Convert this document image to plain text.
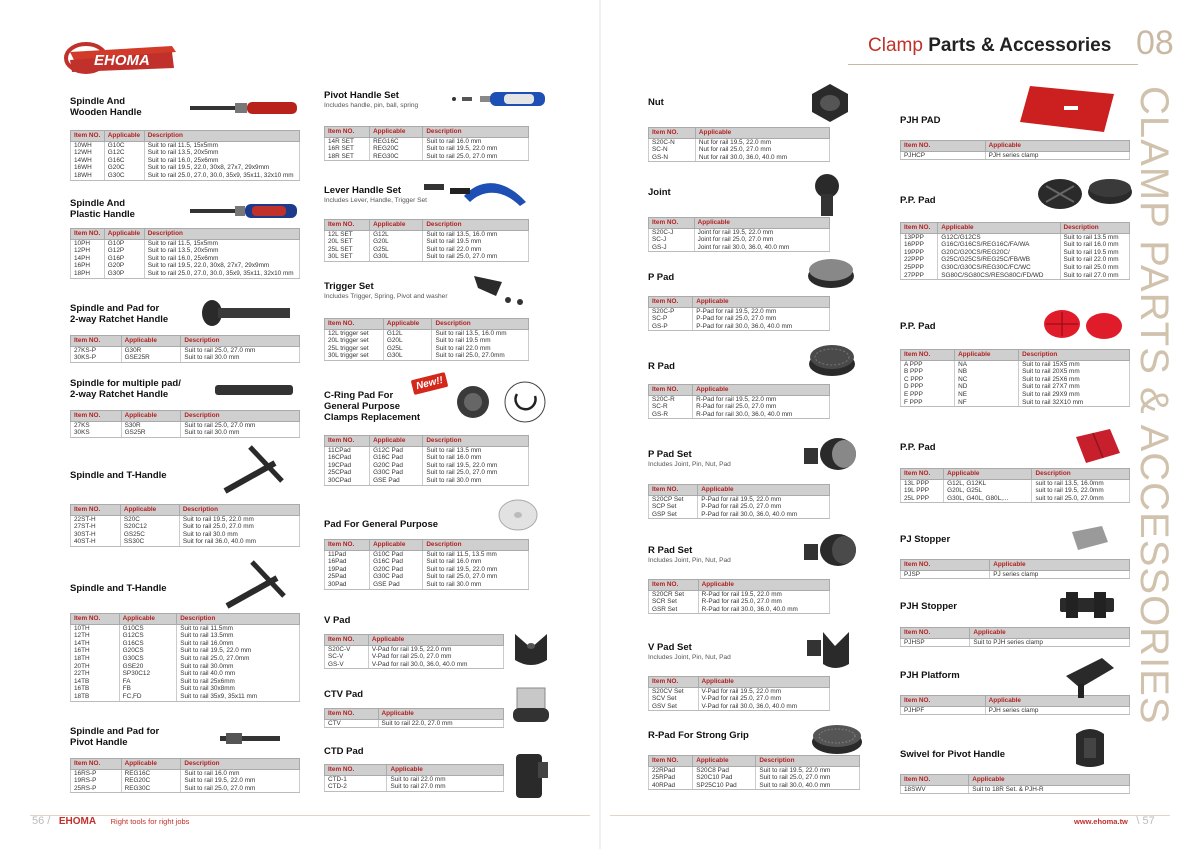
EHOMA
Spindle And
Wooden Handle
Item NO.	Applicable	Description
10WH	G10C	Suit to rail 11.5, 15x5mm
12WH	G12C	Suit to rail 13.5, 20x5mm
14WH	G16C	Suit to rail 16.0, 25x6mm
16WH	G20C	Suit to rail 19.5, 22.0, 30x8, 27x7, 29x9mm
18WH	G30C	Suit to rail 25.0, 27.0, 30.0, 35x9, 35x11, 32x10 mm
Spindle And
Plastic Handle
Item NO.	Applicable	Description
10PH	G10P	Suit to rail 11.5, 15x5mm
12PH	G12P	Suit to rail 13.5, 20x5mm
14PH	G16P	Suit to rail 16.0, 25x6mm
16PH	G20P	Suit to rail 19.5, 22.0, 30x8, 27x7, 29x9mm
18PH	G30P	Suit to rail 25.0, 27.0, 30.0, 35x9, 35x11, 32x10 mm
Spindle and Pad for
2-way Ratchet Handle
Item NO.	Applicable	Description
27KS-P	G30R	Suit to rail 25.0, 27.0 mm
30KS-P	GSE25R	Suit to rail 30.0 mm
Spindle for multiple pad/
2-way Ratchet Handle
Item NO.	Applicable	Description
27KS	S30R	Suit to rail 25.0, 27.0 mm
30KS	GS25R	Suit to rail 30.0 mm
Spindle and T-Handle
Item NO.	Applicable	Description
22ST-H	S20C	Suit to rail 19.5, 22.0 mm
27ST-H	S20C12	Suit to rail 25.0, 27.0 mm
30ST-H	GS25C	Suit to rail 30.0 mm
40ST-H	SS30C	Suit for rail 36.0, 40.0 mm
Spindle and T-Handle
Item NO.	Applicable	Description
10TH	G10CS	Suit to rail 11.5mm
12TH	G12CS	Suit to rail 13.5mm
14TH	G16CS	Suit to rail 16.0mm
16TH	G20CS	Suit to rail 19.5, 22.0 mm
18TH	G30CS	Suit to rail 25.0, 27.0mm
20TH	GSE20	Suit to rail 30.0mm
22TH	SP30C12	Suit to rail 40.0 mm
14TB	FA	Suit to rail 25x6mm
16TB	FB	Suit to rail 30x8mm
18TB	FC,FD	Suit to rail 35x9, 35x11 mm
Spindle and Pad for
Pivot Handle
Item NO.	Applicable	Description
16RS-P	REG16C	Suit to rail 16.0 mm
19RS-P	REG20C	Suit to rail 19.5, 22.0 mm
25RS-P	REG30C	Suit to rail 25.0, 27.0 mm
Pivot Handle Set
Includes handle, pin, ball, spring
Item NO.	Applicable	Description
14R SET	REG16C	Suit to rail 16.0 mm
16R SET	REG20C	Suit to rail 19.5, 22.0 mm
18R SET	REG30C	Suit to rail 25.0, 27.0 mm
Lever Handle Set
Includes Lever, Handle, Trigger Set
Item NO.	Applicable	Description
12L SET	G12L	Suit to rail 13.5, 16.0 mm
20L SET	G20L	Suit to rail 19.5 mm
25L SET	G25L	Suit to rail 22.0 mm
30L SET	G30L	Suit to rail 25.0, 27.0 mm
Trigger Set
Includes Trigger, Spring, Pivot and washer
Item NO.	Applicable	Description
12L trigger set	G12L	Suit to rail 13.5, 16.0 mm
20L trigger set	G20L	Suit to rail 19.5 mm
25L trigger set	G25L	Suit to rail 22.0 mm
30L trigger set	G30L	Suit to rail 25.0, 27.0mm
C-Ring Pad For
General Purpose
Clamps Replacement
Item NO.	Applicable	Description
11CPad	G12C Pad	Suit to rail 13.5 mm
16CPad	G16C Pad	Suit to rail 16.0 mm
19CPad	G20C Pad	Suit to rail 19.5, 22.0 mm
25CPad	G30C Pad	Suit to rail 25.0, 27.0 mm
30CPad	GSE Pad	Suit to rail 30.0 mm
New!!
Pad For General Purpose
Item NO.	Applicable	Description
11Pad	G10C Pad	Suit to rail 11.5, 13.5 mm
16Pad	G16C Pad	Suit to rail 16.0 mm
19Pad	G20C Pad	Suit to rail 19.5, 22.0 mm
25Pad	G30C Pad	Suit to rail 25.0, 27.0 mm
30Pad	GSE Pad	Suit to rail 30.0 mm
V Pad
Item NO.	Applicable
S20C-V	V-Pad for rail 19.5, 22.0 mm
SC-V	V-Pad for rail 25.0, 27.0 mm
GS-V	V-Pad for rail 30.0, 36.0, 40.0 mm
CTV Pad
Item NO.	Applicable
CTV	Suit to rail 22.0, 27.0 mm
CTD Pad
Item NO.	Applicable
CTD-1	Suit to rail 22.0 mm
CTD-2	Suit to rail 27.0 mm
56 / EHOMA Right tools for right jobs
Clamp Parts & Accessories 08
CLAMP PARTS & ACCESSORIES
Nut
Item NO.	Applicable
S20C-N	Nut for rail 19.5, 22.0 mm
SC-N	Nut for rail 25.0, 27.0 mm
GS-N	Nut for rail 30.0, 36.0, 40.0 mm
Joint
Item NO.	Applicable
S20C-J	Joint for rail 19.5, 22.0 mm
SC-J	Joint for rail 25.0, 27.0 mm
GS-J	Joint for rail 30.0, 36.0, 40.0 mm
P Pad
Item NO.	Applicable
S20C-P	P-Pad for rail 19.5, 22.0 mm
SC-P	P-Pad for rail 25.0, 27.0 mm
GS-P	P-Pad for rail 30.0, 36.0, 40.0 mm
R Pad
Item NO.	Applicable
S20C-R	R-Pad for rail 19.5, 22.0 mm
SC-R	R-Pad for rail 25.0, 27.0 mm
GS-R	R-Pad for rail 30.0, 36.0, 40.0 mm
P Pad Set
Includes Joint, Pin, Nut, Pad
Item NO.	Applicable
S20CP Set	P-Pad for rail 19.5, 22.0 mm
SCP Set	P-Pad for rail 25.0, 27.0 mm
GSP Set	P-Pad for rail 30.0, 36.0, 40.0 mm
R Pad Set
Includes Joint, Pin, Nut, Pad
Item NO.	Applicable
S20CR Set	R-Pad for rail 19.5, 22.0 mm
SCR Set	R-Pad for rail 25.0, 27.0 mm
GSR Set	R-Pad for rail 30.0, 36.0, 40.0 mm
V Pad Set
Includes Joint, Pin, Nut, Pad
Item NO.	Applicable
S20CV Set	V-Pad for rail 19.5, 22.0 mm
SCV Set	V-Pad for rail 25.0, 27.0 mm
GSV Set	V-Pad for rail 30.0, 36.0, 40.0 mm
R-Pad For Strong Grip
Item NO.	Applicable	Description
22RPad	S20C8 Pad	Suit to rail 19.5, 22.0 mm
25RPad	S20C10 Pad	Suit to rail 25.0, 27.0 mm
40RPad	SP25C10 Pad	Suit to rail 30.0, 40.0 mm
PJH PAD
Item NO.	Applicable
PJHCP	PJH series clamp
P.P. Pad
Item NO.	Applicable	Description
13PPP	G12C/G12CS	Suit to rail 13.5 mm
16PPP	G16C/G16CS/REG16C/FA/WA	Suit to rail 16.0 mm
19PPP	G20C/G20CS/REG20C/	Suit to rail 19.5 mm
22PPP	G25C/G25CS/REG25C/FB/WB	Suit to rail 22.0 mm
25PPP	G30C/G30CS/REG30C/FC/WC	Suit to rail 25.0 mm
27PPP	SG80C/SG80CS/RESG80C/FD/WD	Suit to rail 27.0 mm
P.P. Pad
Item NO.	Applicable	Description
A PPP	NA	Suit to rail 15X5 mm
B PPP	NB	Suit to rail 20X5 mm
C PPP	NC	Suit to rail 25X6 mm
D PPP	ND	Suit to rail 27X7 mm
E PPP	NE	Suit to rail 29X9 mm
F PPP	NF	Suit to rail 32X10 mm
P.P. Pad
Item NO.	Applicable	Description
13L PPP	G12L, G12KL	suit to rail 13.5, 16.0mm
19L PPP	G20L, G25L	suit to rail 19.5, 22.0mm
25L PPP	G30L, G40L, G80L,...	suit to rail 25.0, 27.0mm
PJ Stopper
Item NO.	Applicable
PJSP	PJ series clamp
PJH Stopper
Item NO.	Applicable
PJHSP	Suit to PJH series clamp
PJH Platform
Item NO.	Applicable
PJHPF	PJH series clamp
Swivel for Pivot Handle
Item NO.	Applicable
18SWV	Suit to 18R Set. & PJH-R
www.ehoma.tw \ 57
